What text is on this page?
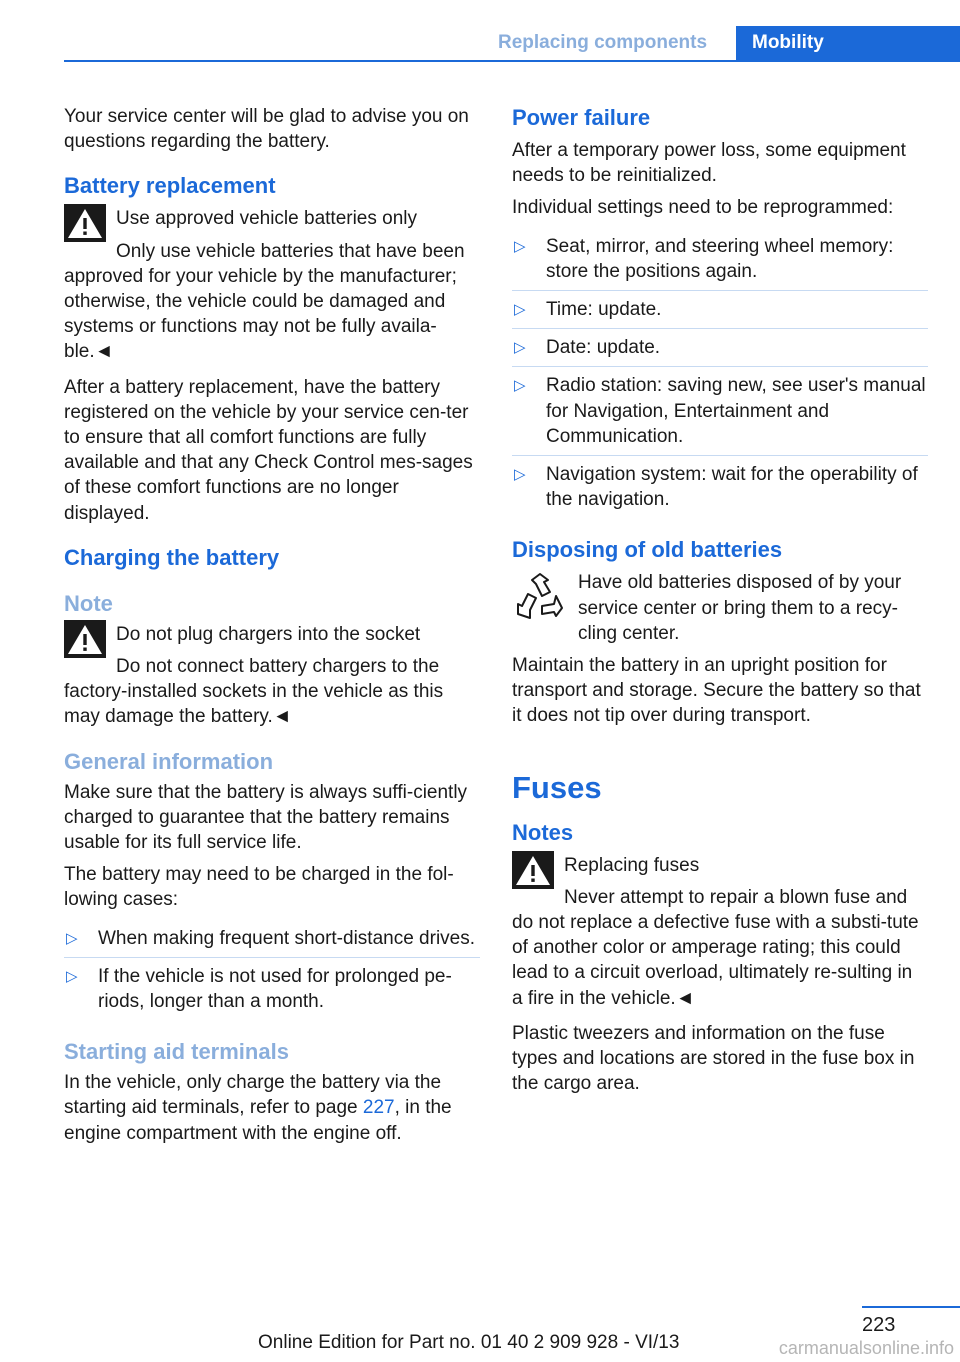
Replacing components	Mobility

Your service center will be glad to advise you on questions regarding the battery.

Battery replacement
Use approved vehicle batteries only
Only use vehicle batteries that have been
approved for your vehicle by the manufacturer; otherwise, the vehicle could be damaged and systems or functions may not be fully availa-ble.◄

After a battery replacement, have the battery registered on the vehicle by your service cen-ter to ensure that all comfort functions are fully available and that any Check Control mes-sages of these comfort functions are no longer displayed.

Charging the battery
Note
Do not plug chargers into the socket
Do not connect battery chargers to the
factory-installed sockets in the vehicle as this may damage the battery.◄
General information

Make sure that the battery is always suffi-ciently charged to guarantee that the battery remains usable for its full service life.

The battery may need to be charged in the fol-lowing cases:

▷ When making frequent short-distance drives.
▷ If the vehicle is not used for prolonged pe-riods, longer than a month.
Starting aid terminals

In the vehicle, only charge the battery via the starting aid terminals, refer to page 227, in the engine compartment with the engine off.

Power failure

After a temporary power loss, some equipment needs to be reinitialized.

Individual settings need to be reprogrammed:

▷ Seat, mirror, and steering wheel memory: store the positions again.
▷ Time: update.
▷ Date: update.
▷ Radio station: saving new, see user's manual for Navigation, Entertainment and Communication.
▷ Navigation system: wait for the operability of the navigation.
Disposing of old batteries
Have old batteries disposed of by your service center or bring them to a recy-cling center.

Maintain the battery in an upright position for transport and storage. Secure the battery so that it does not tip over during transport.

Fuses
Notes
Replacing fuses
Never attempt to repair a blown fuse and
do not replace a defective fuse with a substi-tute of another color or amperage rating; this could lead to a circuit overload, ultimately re-sulting in a fire in the vehicle.◄

Plastic tweezers and information on the fuse types and locations are stored in the fuse box in the cargo area.

223
Online Edition for Part no. 01 40 2 909 928 - VI/13	carmanualsonline.info
